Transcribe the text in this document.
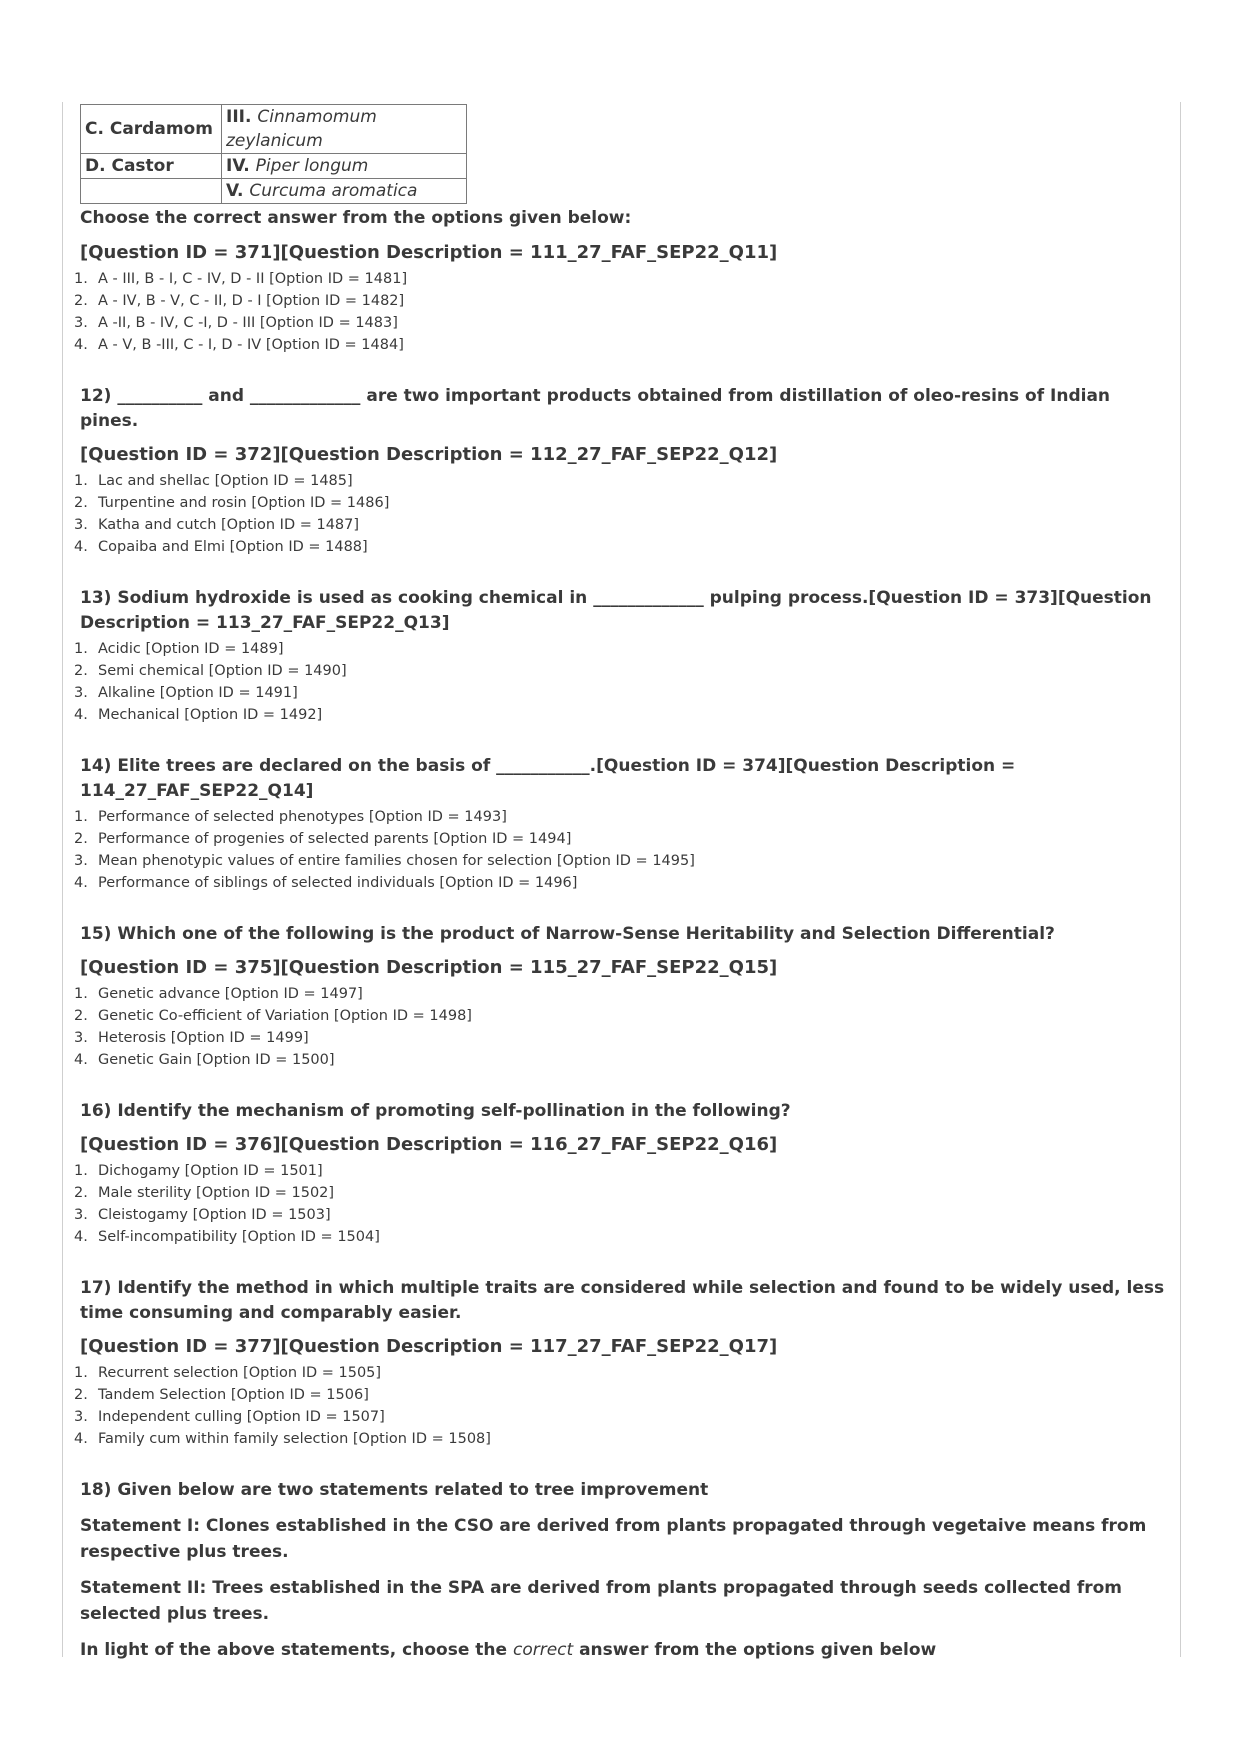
C. Cardamom	III. Cinnamomum zeylanicum
D. Castor	IV. Piper longum
	V. Curcuma aromatica
Choose the correct answer from the options given below:
[Question ID = 371][Question Description = 111_27_FAF_SEP22_Q11]
1. A - III, B - I, C - IV, D - II [Option ID = 1481]
2. A - IV, B - V, C - II, D - I [Option ID = 1482]
3. A -II, B - IV, C -I, D - III [Option ID = 1483]
4. A - V, B -III, C - I, D - IV [Option ID = 1484]
12) __________ and _____________ are two important products obtained from distillation of oleo-resins of Indian pines.
[Question ID = 372][Question Description = 112_27_FAF_SEP22_Q12]
1. Lac and shellac [Option ID = 1485]
2. Turpentine and rosin [Option ID = 1486]
3. Katha and cutch [Option ID = 1487]
4. Copaiba and Elmi [Option ID = 1488]
13) Sodium hydroxide is used as cooking chemical in _____________ pulping process.[Question ID = 373][Question Description = 113_27_FAF_SEP22_Q13]
1. Acidic [Option ID = 1489]
2. Semi chemical [Option ID = 1490]
3. Alkaline [Option ID = 1491]
4. Mechanical [Option ID = 1492]
14) Elite trees are declared on the basis of ___________.[Question ID = 374][Question Description = 114_27_FAF_SEP22_Q14]
1. Performance of selected phenotypes [Option ID = 1493]
2. Performance of progenies of selected parents [Option ID = 1494]
3. Mean phenotypic values of entire families chosen for selection [Option ID = 1495]
4. Performance of siblings of selected individuals [Option ID = 1496]
15) Which one of the following is the product of Narrow-Sense Heritability and Selection Differential?
[Question ID = 375][Question Description = 115_27_FAF_SEP22_Q15]
1. Genetic advance [Option ID = 1497]
2. Genetic Co-efficient of Variation [Option ID = 1498]
3. Heterosis [Option ID = 1499]
4. Genetic Gain [Option ID = 1500]
16) Identify the mechanism of promoting self-pollination in the following?
[Question ID = 376][Question Description = 116_27_FAF_SEP22_Q16]
1. Dichogamy [Option ID = 1501]
2. Male sterility [Option ID = 1502]
3. Cleistogamy [Option ID = 1503]
4. Self-incompatibility [Option ID = 1504]
17) Identify the method in which multiple traits are considered while selection and found to be widely used, less time consuming and comparably easier.
[Question ID = 377][Question Description = 117_27_FAF_SEP22_Q17]
1. Recurrent selection [Option ID = 1505]
2. Tandem Selection [Option ID = 1506]
3. Independent culling [Option ID = 1507]
4. Family cum within family selection [Option ID = 1508]
18) Given below are two statements related to tree improvement
Statement I: Clones established in the CSO are derived from plants propagated through vegetaive means from respective plus trees.
Statement II: Trees established in the SPA are derived from plants propagated through seeds collected from selected plus trees.
In light of the above statements, choose the correct answer from the options given below
